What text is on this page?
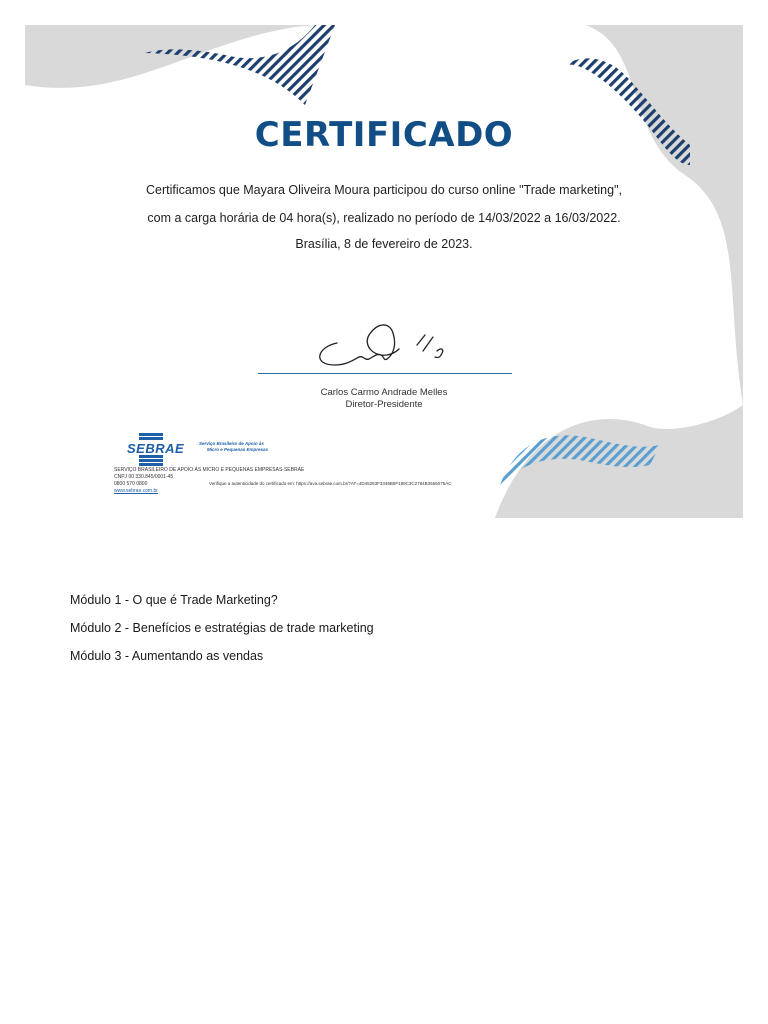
CERTIFICADO
Certificamos que Mayara Oliveira Moura participou do curso online "Trade marketing",
com a carga horária de 04 hora(s), realizado no período de 14/03/2022 a 16/03/2022.
Brasília, 8 de fevereiro de 2023.
Carlos Carmo Andrade Melles
Diretor-Presidente
SEBRAE	Serviço Brasileiro de Apoio às
Micro e Pequenas Empresas
SERVIÇO BRASILEIRO DE APOIO ÀS MICRO E PEQUENAS EMPRESAS-SEBRAE
CNPJ 00 330.845/0001-45
0800 570 0800
www.sebrae.com.br
Verifique a autenticidade do certificado em: https://ava.sebrae.com.br/?AT=4D45253F3349B6F189C3C2784B3556075AC
Módulo 1 - O que é Trade Marketing?
Módulo 2 - Benefícios e estratégias de trade marketing
Módulo 3 - Aumentando as vendas
